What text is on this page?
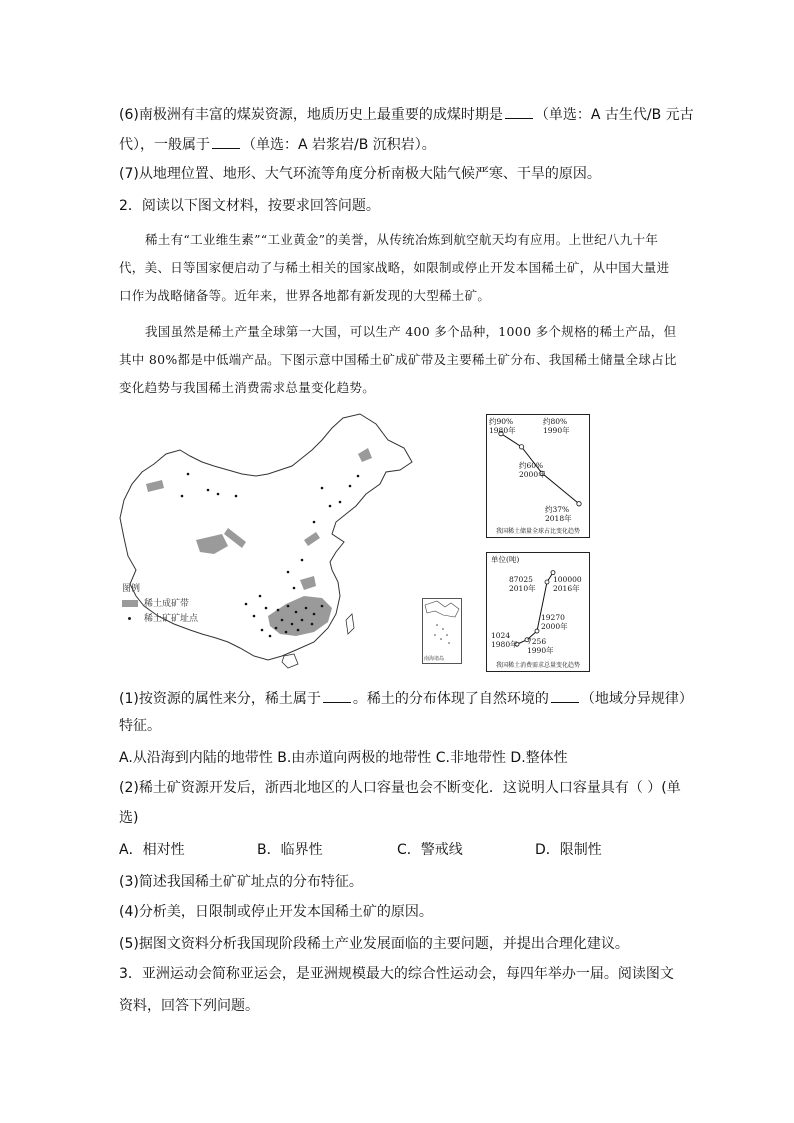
(6)南极洲有丰富的煤炭资源，地质历史上最重要的成煤时期是 （单选：A 古生代/B 元古
代），一般属于 （单选：A 岩浆岩/B 沉积岩）。
(7)从地理位置、地形、大气环流等角度分析南极大陆气候严寒、干旱的原因。
2．阅读以下图文材料，按要求回答问题。
稀土有“工业维生素”“工业黄金”的美誉，从传统冶炼到航空航天均有应用。上世纪八九十年代，美、日等国家便启动了与稀土相关的国家战略，如限制或停止开发本国稀土矿，从中国大量进口作为战略储备等。近年来，世界各地都有新发现的大型稀土矿。
我国虽然是稀土产量全球第一大国，可以生产 400 多个品种，1000 多个规格的稀土产品，但其中 80%都是中低端产品。下图示意中国稀土矿成矿带及主要稀土矿分布、我国稀土储量全球占比变化趋势与我国稀土消费需求总量变化趋势。
图例
稀土成矿带
稀土矿矿址点
南海诸岛
约90%
1980年
约80%
1990年
约60%
2000年
约37%
2018年
我国稀土储量全球占比变化趋势
单位(吨)
87025
2010年
100000
2016年
19270
2000年
1024
1980年 7256
1990年
我国稀土消费需求总量变化趋势
(1)按资源的属性来分，稀土属于 。稀土的分布体现了自然环境的 （地域分异规律）
特征。
A.从沿海到内陆的地带性 B.由赤道向两极的地带性 C.非地带性 D.整体性
(2)稀土矿资源开发后，浙西北地区的人口容量也会不断变化．这说明人口容量具有（ ）(单
选)
A．相对性	B．临界性	C．警戒线	D．限制性
(3)简述我国稀土矿矿址点的分布特征。
(4)分析美，日限制或停止开发本国稀土矿的原因。
(5)据图文资料分析我国现阶段稀土产业发展面临的主要问题，并提出合理化建议。
3．亚洲运动会简称亚运会，是亚洲规模最大的综合性运动会，每四年举办一届。阅读图文
资料，回答下列问题。
